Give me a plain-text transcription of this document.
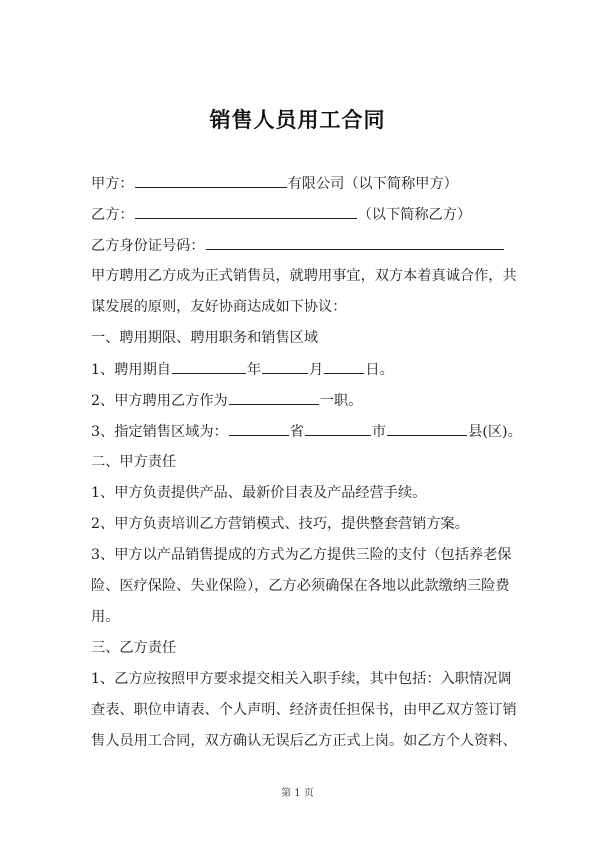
销售人员用工合同
甲方：	有限公司（以下简称甲方）
乙方：	（以下简称乙方）
乙方身份证号码：
甲方聘用乙方成为正式销售员，就聘用事宜，双方本着真诚合作，共
谋发展的原则，友好协商达成如下协议：
一、聘用期限、聘用职务和销售区域
1、聘用期自	年	月	日。
2、甲方聘用乙方作为	一职。
3、指定销售区域为：	省	市	县(区)。
二、甲方责任
1、甲方负责提供产品、最新价目表及产品经营手续。
2、甲方负责培训乙方营销模式、技巧，提供整套营销方案。
3、甲方以产品销售提成的方式为乙方提供三险的支付（包括养老保
险、医疗保险、失业保险），乙方必须确保在各地以此款缴纳三险费
用。
三、乙方责任
1、乙方应按照甲方要求提交相关入职手续，其中包括：入职情况调
查表、职位申请表、个人声明、经济责任担保书，由甲乙双方签订销
售人员用工合同，双方确认无误后乙方正式上岗。如乙方个人资料、
第 1 页
